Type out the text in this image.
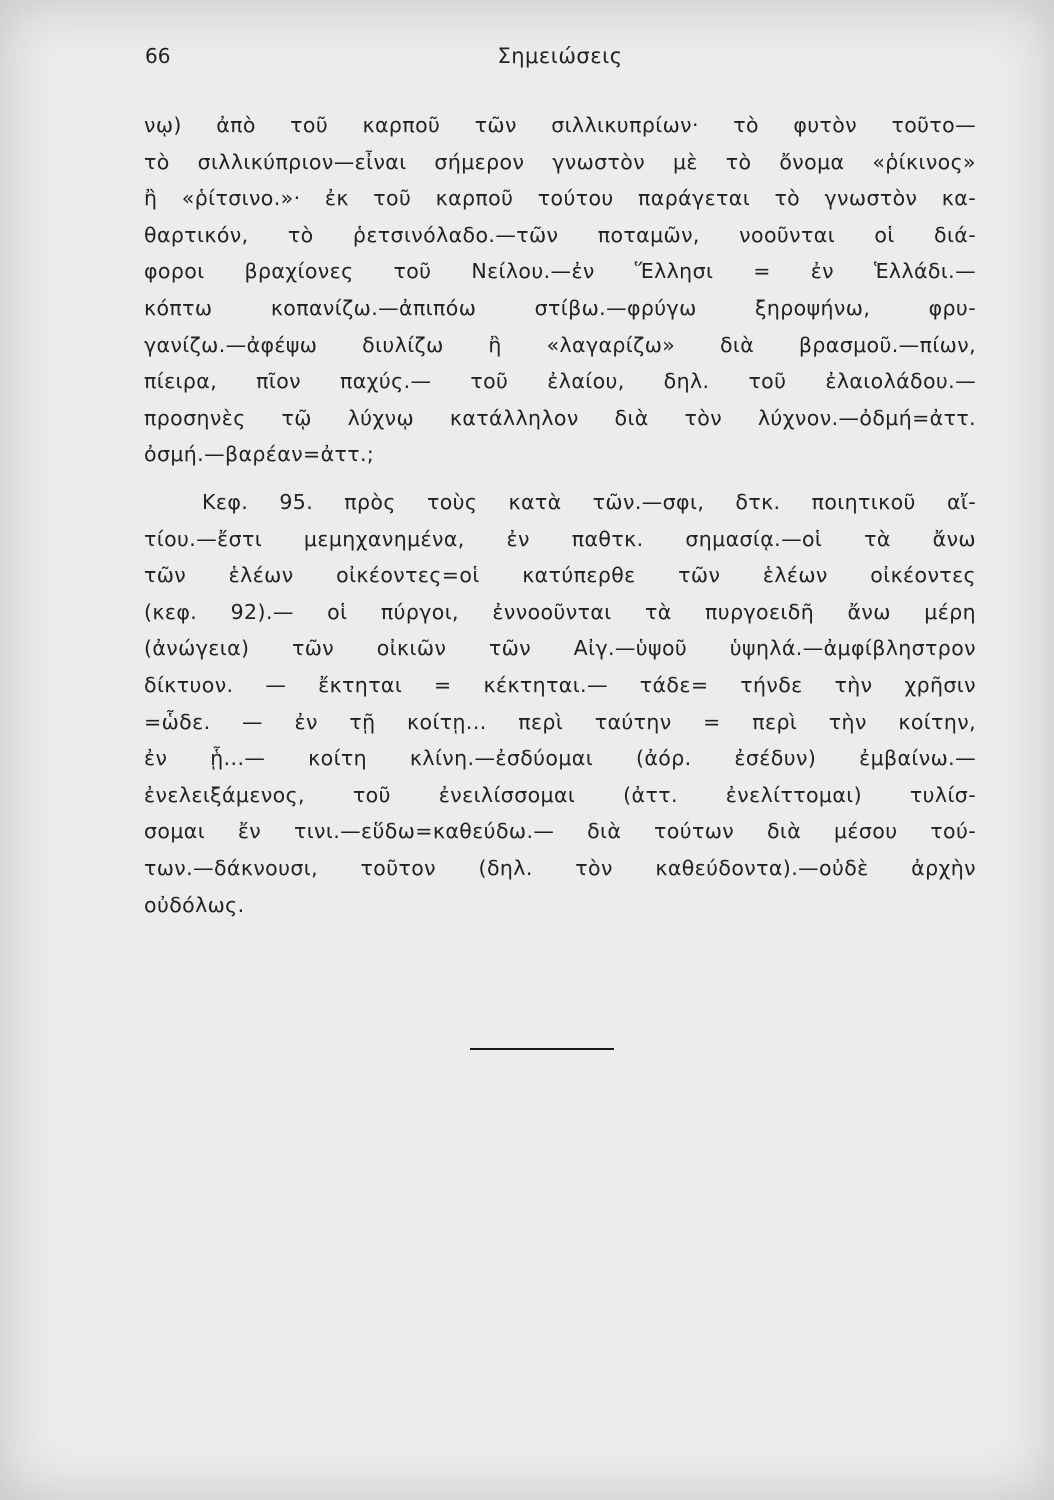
66	Σημειώσεις
νῳ) ἀπὸ τοῦ καρποῦ τῶν σιλλικυπρίων· τὸ φυτὸν τοῦτο—
τὸ σιλλικύπριον—εἶναι σήμερον γνωστὸν μὲ τὸ ὄνομα «ῥίκινος»
ἢ «ῥίτσινο.»· ἐκ τοῦ καρποῦ τούτου παράγεται τὸ γνωστὸν κα-
θαρτικόν, τὸ ῥετσινόλαδο.—τῶν ποταμῶν, νοοῦνται οἱ διά-
φοροι βραχίονες τοῦ Νείλου.—ἐν Ἕλλησι = ἐν Ἑλλάδι.—
κόπτω κοπανίζω.—ἀπιπόω στίβω.—φρύγω ξηροψήνω, φρυ-
γανίζω.—ἀφέψω διυλίζω ἢ «λαγαρίζω» διὰ βρασμοῦ.—πίων,
πίειρα, πῖον παχύς.— τοῦ ἐλαίου, δηλ. τοῦ ἐλαιολάδου.—
προσηνὲς τῷ λύχνῳ κατάλληλον διὰ τὸν λύχνον.—ὀδμή=ἀττ.
ὀσμή.—βαρέαν=ἀττ.;
Κεφ. 95. πρὸς τοὺς κατὰ τῶν.—σφι, δτκ. ποιητικοῦ αἴ-
τίου.—ἔστι μεμηχανημένα, ἐν παθτκ. σημασίᾳ.—οἱ τὰ ἄνω
τῶν ἑλέων οἰκέοντες=οἱ κατύπερθε τῶν ἑλέων οἰκέοντες
(κεφ. 92).— οἱ πύργοι, ἐννοοῦνται τὰ πυργοειδῆ ἄνω μέρη
(ἀνώγεια) τῶν οἰκιῶν τῶν Αἰγ.—ὑψοῦ ὑψηλά.—ἀμφίβληστρον
δίκτυον. — ἔκτηται = κέκτηται.— τάδε= τήνδε τὴν χρῆσιν
=ὧδε. — ἐν τῇ κοίτῃ... περὶ ταύτην = περὶ τὴν κοίτην,
ἐν ᾗ...— κοίτη κλίνη.—ἐσδύομαι (ἀόρ. ἐσέδυν) ἐμβαίνω.—
ἐνελειξάμενος, τοῦ ἐνειλίσσομαι (ἀττ. ἐνελίττομαι) τυλίσ-
σομαι ἔν τινι.—εὕδω=καθεύδω.— διὰ τούτων διὰ μέσου τού-
των.—δάκνουσι, τοῦτον (δηλ. τὸν καθεύδοντα).—οὐδὲ ἀρχὴν
οὐδόλως.
